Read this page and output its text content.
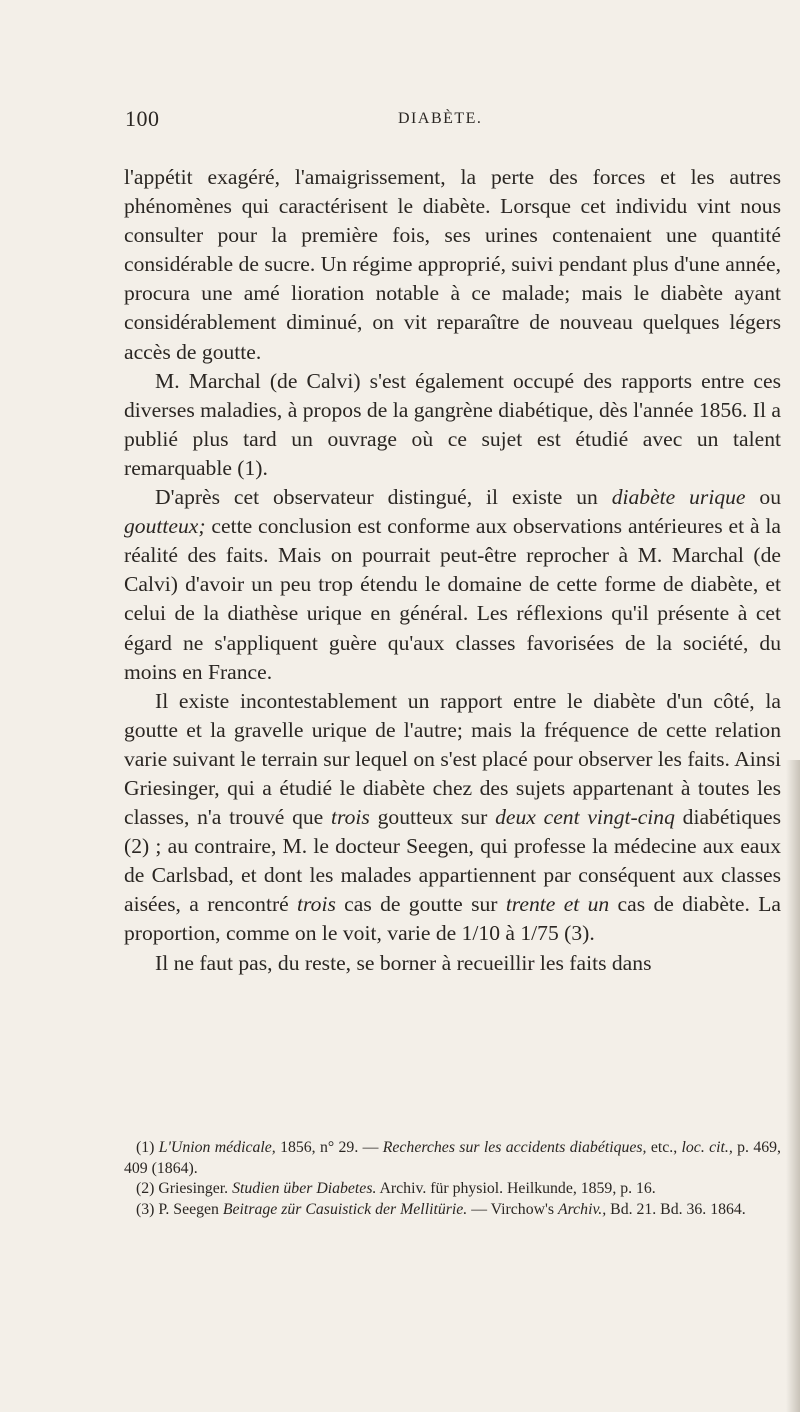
100	DIABÈTE.

l'appétit exagéré, l'amaigrissement, la perte des forces et les autres phénomènes qui caractérisent le diabète. Lorsque cet individu vint nous consulter pour la première fois, ses urines contenaient une quantité considérable de sucre. Un régime approprié, suivi pendant plus d'une année, procura une amé lioration notable à ce malade; mais le diabète ayant considérablement diminué, on vit reparaître de nouveau quelques légers accès de goutte.

M. Marchal (de Calvi) s'est également occupé des rapports entre ces diverses maladies, à propos de la gangrène diabétique, dès l'année 1856. Il a publié plus tard un ouvrage où ce sujet est étudié avec un talent remarquable (1).

D'après cet observateur distingué, il existe un diabète urique ou goutteux; cette conclusion est conforme aux observations antérieures et à la réalité des faits. Mais on pourrait peut-être reprocher à M. Marchal (de Calvi) d'avoir un peu trop étendu le domaine de cette forme de diabète, et celui de la diathèse urique en général. Les réflexions qu'il présente à cet égard ne s'appliquent guère qu'aux classes favorisées de la société, du moins en France.

Il existe incontestablement un rapport entre le diabète d'un côté, la goutte et la gravelle urique de l'autre; mais la fréquence de cette relation varie suivant le terrain sur lequel on s'est placé pour observer les faits. Ainsi Griesinger, qui a étudié le diabète chez des sujets appartenant à toutes les classes, n'a trouvé que trois goutteux sur deux cent vingt-cinq diabétiques (2) ; au contraire, M. le docteur Seegen, qui professe la médecine aux eaux de Carlsbad, et dont les malades appartiennent par conséquent aux classes aisées, a rencontré trois cas de goutte sur trente et un cas de diabète. La proportion, comme on le voit, varie de 1/10 à 1/75 (3).

Il ne faut pas, du reste, se borner à recueillir les faits dans

(1) L'Union médicale, 1856, n° 29. — Recherches sur les accidents diabétiques, etc., loc. cit., p. 469, 409 (1864).

(2) Griesinger. Studien über Diabetes. Archiv. für physiol. Heilkunde, 1859, p. 16.

(3) P. Seegen Beitrage zür Casuistick der Mellitürie. — Virchow's Archiv., Bd. 21. Bd. 36. 1864.
